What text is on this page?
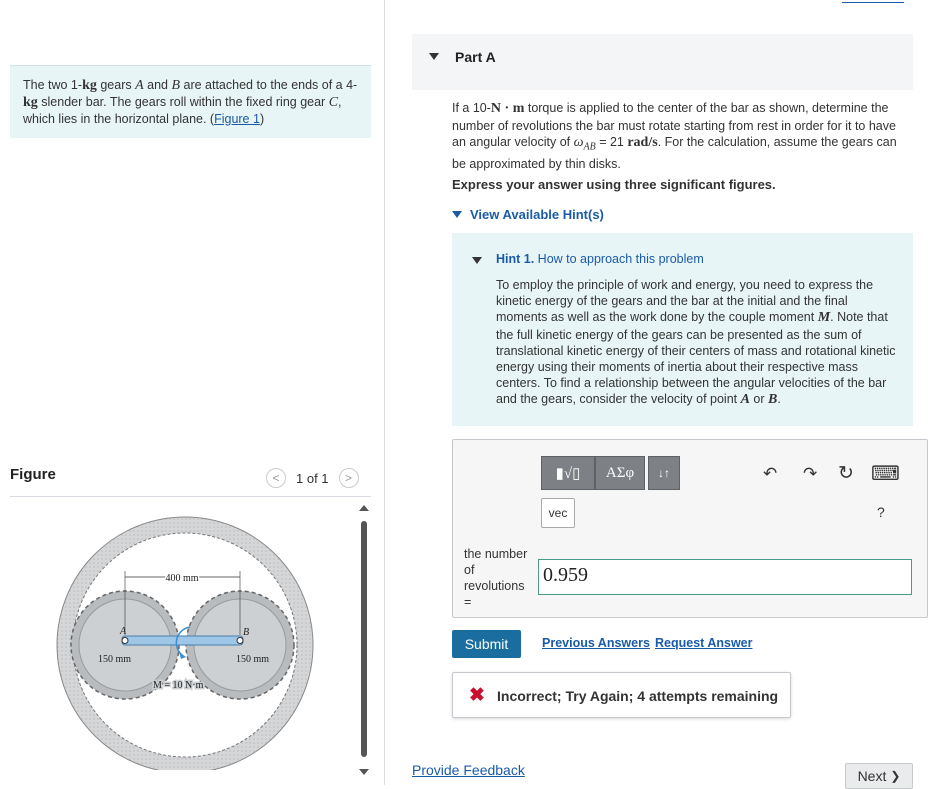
The two 1-kg gears A and B are attached to the ends of a 4-kg slender bar. The gears roll within the fixed ring gear C, which lies in the horizontal plane. (Figure 1)
Figure	<	1 of 1	>
400 mm
A	B
150 mm	150 mm
M = 10 N·m
Part A
If a 10-N · m torque is applied to the center of the bar as shown, determine the number of revolutions the bar must rotate starting from rest in order for it to have an angular velocity of $\omega_{AB} = 21$ rad/s. For the calculation, assume the gears can be approximated by thin disks.
Express your answer using three significant figures.
View Available Hint(s)
Hint 1. How to approach this problem
To employ the principle of work and energy, you need to express the kinetic energy of the gears and the bar at the initial and the final moments as well as the work done by the couple moment M. Note that the full kinetic energy of the gears can be presented as the sum of translational kinetic energy of their centers of mass and rotational kinetic energy using their moments of inertia about their respective mass centers. To find a relationship between the angular velocities of the bar and the gears, consider the velocity of point A or B.
▮√▯ ΑΣφ ↓↑
vec
↶ ↷ ↻ ⌨
?
the number of revolutions =
0.959
Submit	Previous Answers Request Answer
✖ Incorrect; Try Again; 4 attempts remaining
Provide Feedback	Next ❯
